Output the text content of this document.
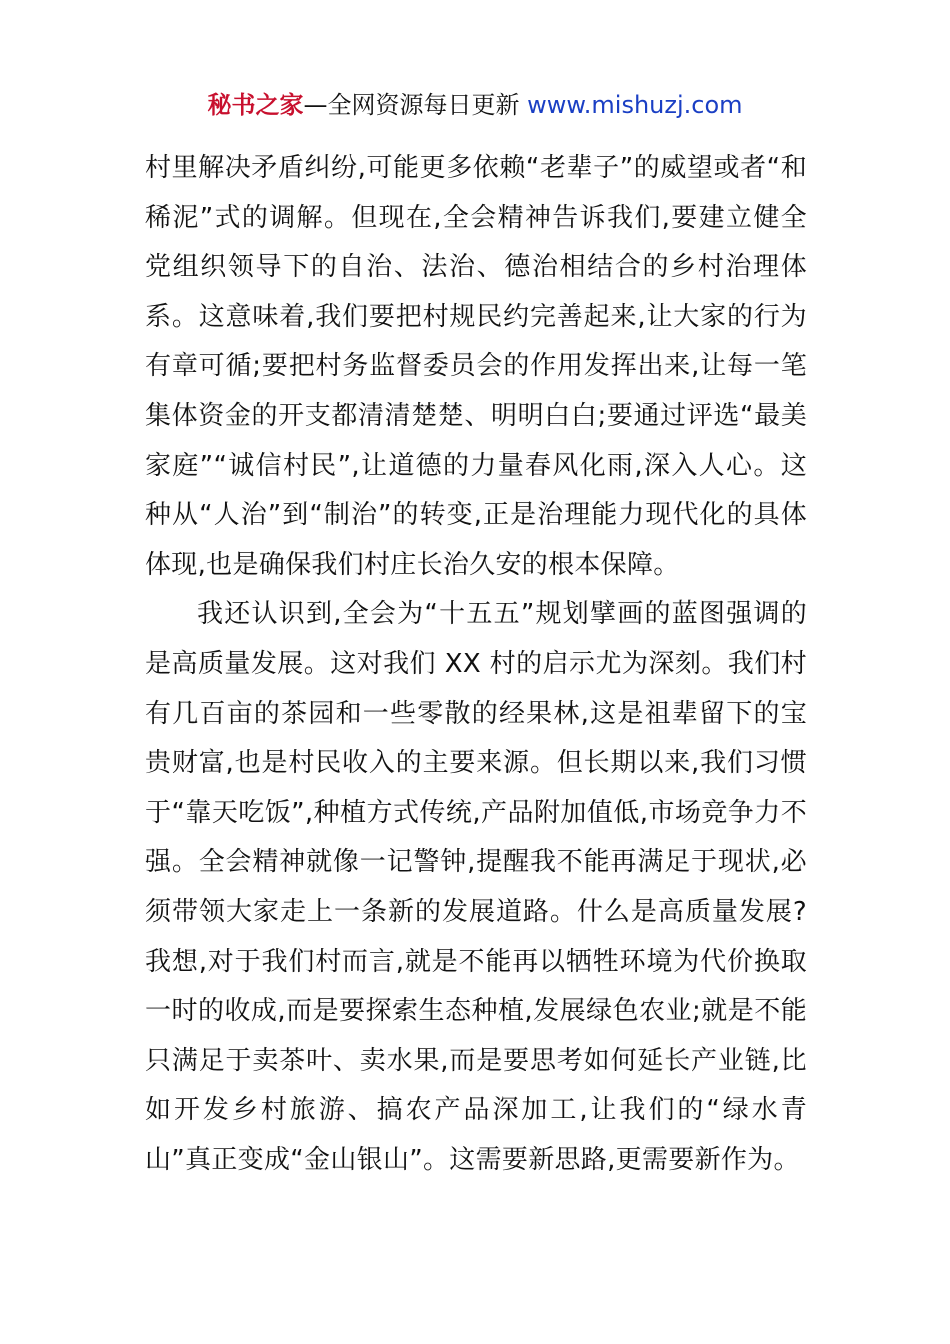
秘书之家—全网资源每日更新 www.mishuzj.com

村里解决矛盾纠纷,可能更多依赖“老辈子”的威望或者“和稀泥”式的调解。但现在,全会精神告诉我们,要建立健全党组织领导下的自治、法治、德治相结合的乡村治理体系。这意味着,我们要把村规民约完善起来,让大家的行为有章可循;要把村务监督委员会的作用发挥出来,让每一笔集体资金的开支都清清楚楚、明明白白;要通过评选“最美家庭”“诚信村民”,让道德的力量春风化雨,深入人心。这种从“人治”到“制治”的转变,正是治理能力现代化的具体体现,也是确保我们村庄长治久安的根本保障。

我还认识到,全会为“十五五”规划擘画的蓝图强调的是高质量发展。这对我们 XX 村的启示尤为深刻。我们村有几百亩的茶园和一些零散的经果林,这是祖辈留下的宝贵财富,也是村民收入的主要来源。但长期以来,我们习惯于“靠天吃饭”,种植方式传统,产品附加值低,市场竞争力不强。全会精神就像一记警钟,提醒我不能再满足于现状,必须带领大家走上一条新的发展道路。什么是高质量发展?我想,对于我们村而言,就是不能再以牺牲环境为代价换取一时的收成,而是要探索生态种植,发展绿色农业;就是不能只满足于卖茶叶、卖水果,而是要思考如何延长产业链,比如开发乡村旅游、搞农产品深加工,让我们的“绿水青山”真正变成“金山银山”。这需要新思路,更需要新作为。
